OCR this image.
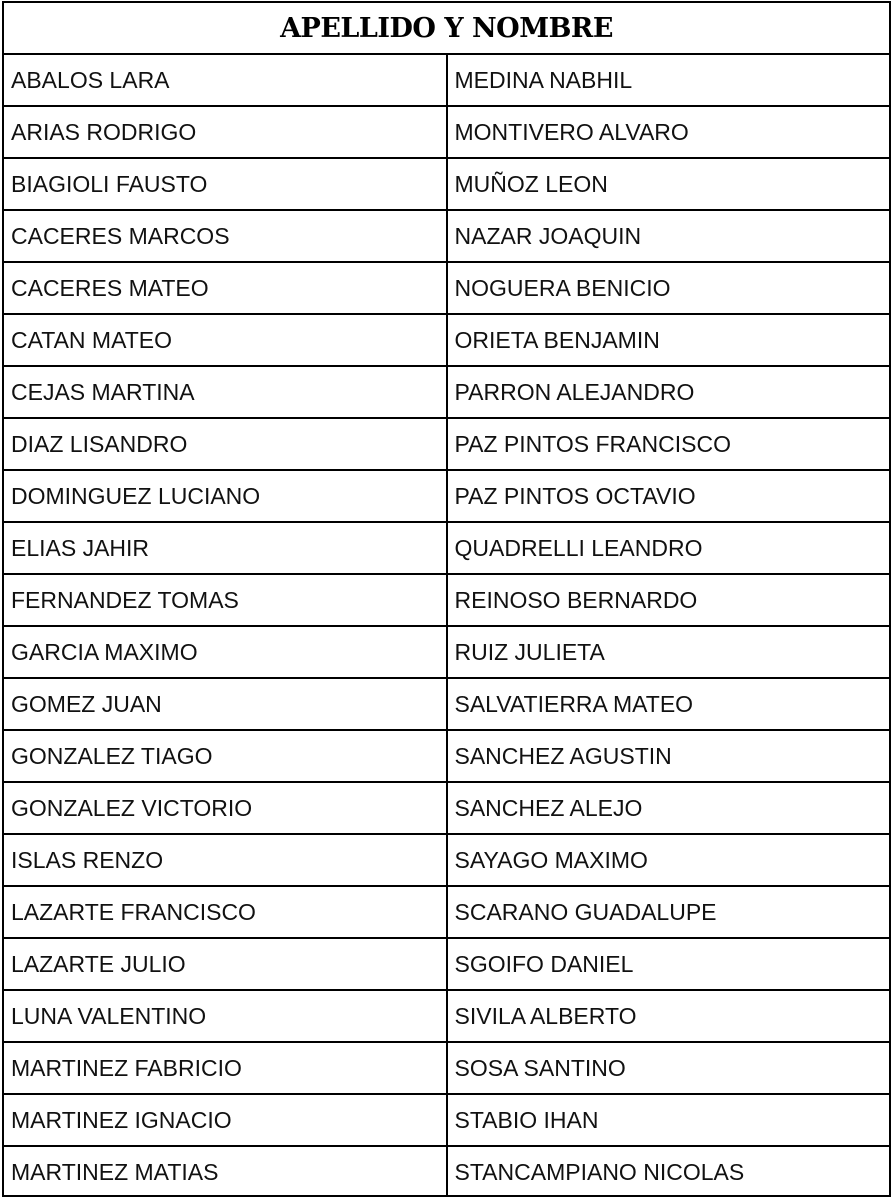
APELLIDO Y NOMBRE	
ABALOS LARA	MEDINA NABHIL
ARIAS RODRIGO	MONTIVERO ALVARO
BIAGIOLI FAUSTO	MUÑOZ LEON
CACERES MARCOS	NAZAR JOAQUIN
CACERES MATEO	NOGUERA BENICIO
CATAN MATEO	ORIETA BENJAMIN
CEJAS MARTINA	PARRON ALEJANDRO
DIAZ LISANDRO	PAZ PINTOS FRANCISCO
DOMINGUEZ LUCIANO	PAZ PINTOS OCTAVIO
ELIAS JAHIR	QUADRELLI LEANDRO
FERNANDEZ TOMAS	REINOSO BERNARDO
GARCIA MAXIMO	RUIZ JULIETA
GOMEZ JUAN	SALVATIERRA MATEO
GONZALEZ TIAGO	SANCHEZ AGUSTIN
GONZALEZ VICTORIO	SANCHEZ ALEJO
ISLAS RENZO	SAYAGO MAXIMO
LAZARTE FRANCISCO	SCARANO GUADALUPE
LAZARTE JULIO	SGOIFO DANIEL
LUNA VALENTINO	SIVILA ALBERTO
MARTINEZ FABRICIO	SOSA SANTINO
MARTINEZ IGNACIO	STABIO IHAN
MARTINEZ MATIAS	STANCAMPIANO NICOLAS
